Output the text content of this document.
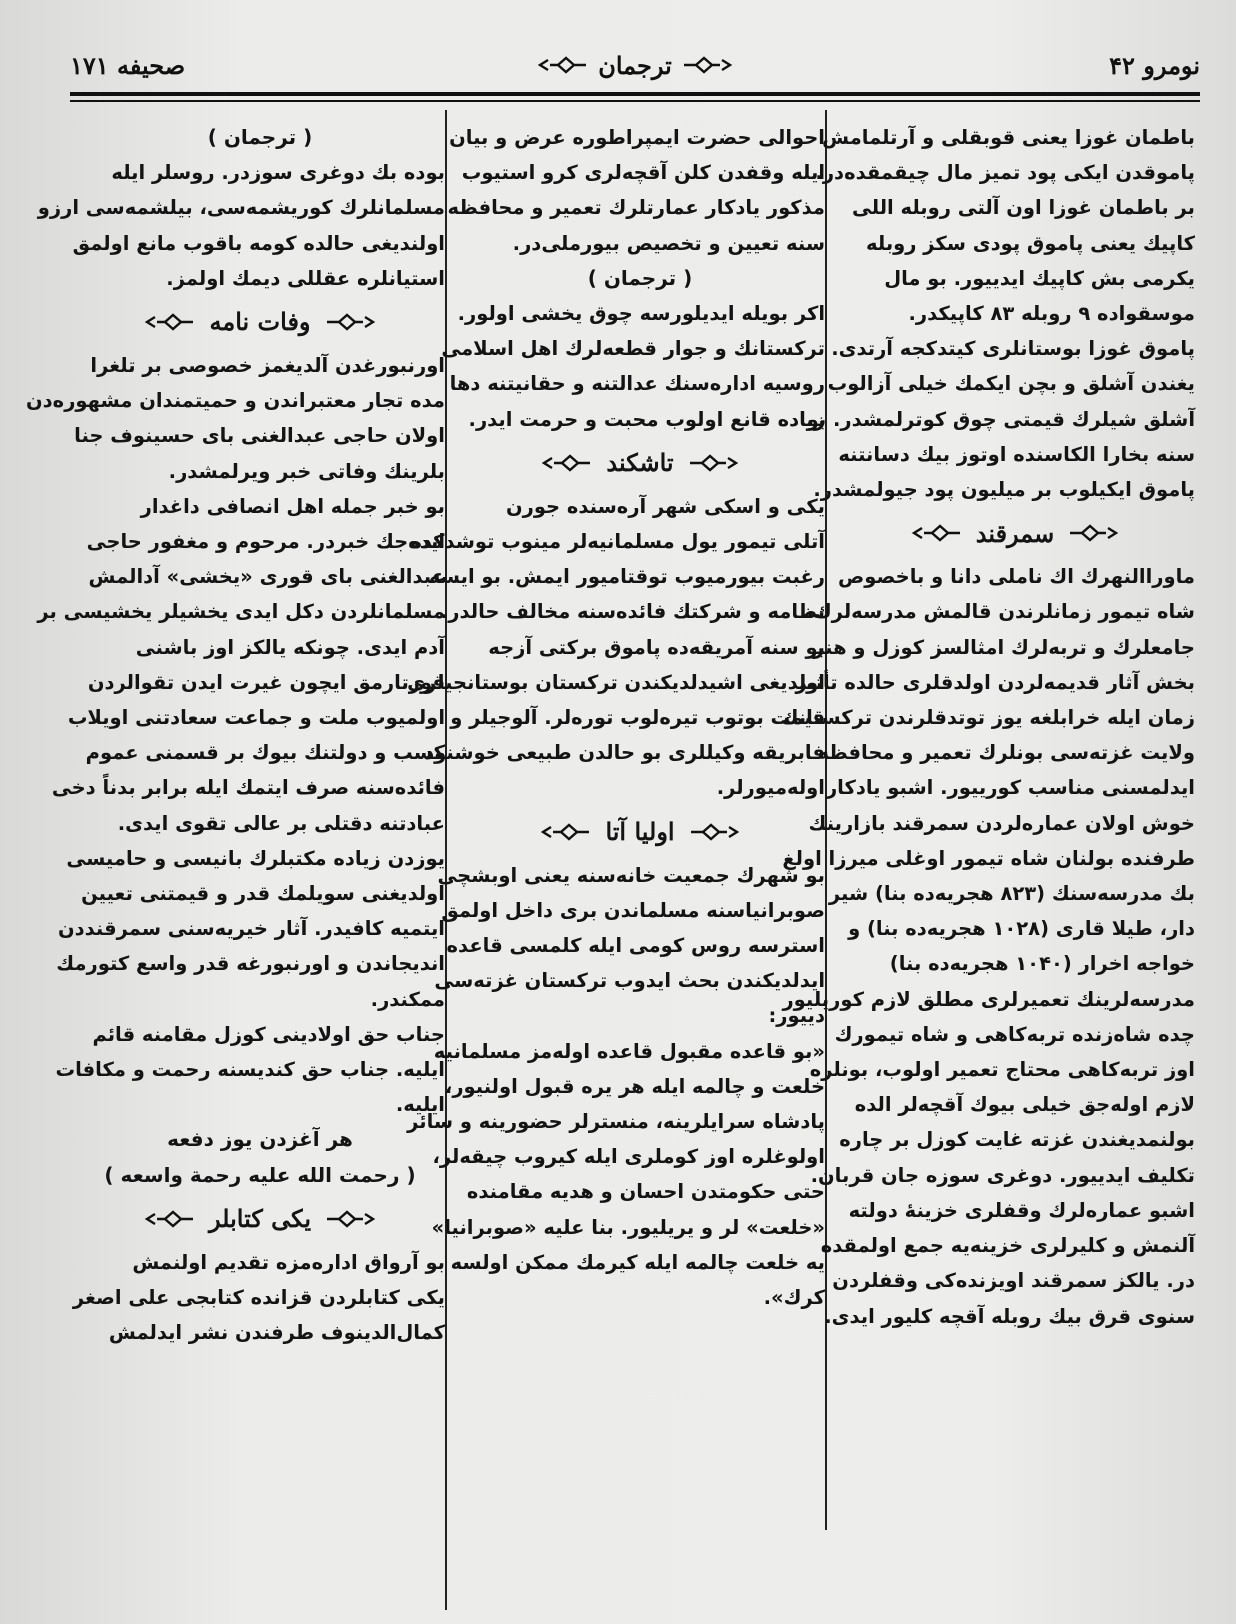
نومرو ۴۲
ترجمان
صحیفه ۱۷۱

باطمان غوزا یعنی قوبقلی و آرتلمامش
پاموقدن ایکی پود تمیز مال چیقمقده‌در.
بر باطمان غوزا اون آلتی روبله اللی
کاپیك یعنی پاموق پودی سکز روبله
یکرمی بش کاپیك ایدییور. بو مال
موسقواده ۹ روبله ۸۳ کاپیکدر.

پاموق غوزا بوستانلری کیتدکجه آرتدی.
یغندن آشلق و بچن ایکمك خیلی آزالوب
آشلق شیلرك قیمتی چوق کوترلمشدر. بو
سنه بخارا الکاسنده اوتوز بیك دسانتنه
پاموق ایکیلوب بر میلیون پود جیولمشدر.

سمرقند

ماوراالنهرك اك ناملی دانا و باخصوص
شاه تیمور زمانلرندن قالمش مدرسه‌لرك،
جامعلرك و تربه‌لرك امثالسز کوزل و هنر
بخش آثار قدیمه‌لردن اولدقلری حالده تأثیر
زمان ایله خرابلغه یوز توتدقلرندن ترکستانك
ولایت غزته‌سی بونلرك تعمیر و محافظه
ایدلمسنی مناسب کورییور. اشبو یادکار
خوش اولان عماره‌لردن سمرقند بازارینك
طرفنده بولنان شاه تیمور اوغلی میرزا اولغ
بك مدرسه‌سنك (۸۲۳ هجریه‌ده بنا) شیر
دار، طیلا قاری (۱۰۲۸ هجریه‌ده بنا) و
خواجه اخرار (۱۰۴۰ هجریه‌ده بنا)
مدرسه‌لرینك تعمیرلری مطلق لازم کوریلیور
چده شاه‌زنده تربه‌کاهی و شاه تیمورك
اوز تربه‌کاهی محتاج تعمیر اولوب، بونلره
لازم اوله‌جق خیلی بیوك آقچه‌لر الده
بولنمدیغندن غزته غایت کوزل بر چاره
تکلیف ایدییور. دوغری سوزه جان قربان.
اشبو عماره‌لرك وقفلری خزینهٔ دولته
آلنمش و کلیرلری خزینه‌یه جمع اولمقده
در. یالکز سمرقند اویزنده‌کی وقفلردن
سنوی قرق بیك روبله آقچه کلیور ایدی.

احوالی حضرت ایمپراطوره عرض و بیان
ایله وقفدن کلن آقچه‌لری کرو استیوب
مذکور یادکار عمارتلرك تعمیر و محافظه
سنه تعیین و تخصیص بیورملی‌در.

( ترجمان )

اکر بویله ایدیلورسه چوق یخشی اولور.
ترکستانك و جوار قطعه‌لرك اهل اسلامی
روسیه اداره‌سنك عدالتنه و حقانیتنه دها
زیاده قانع اولوب محبت و حرمت ایدر.

تاشکند

یکی و اسکی شهر آره‌سنده جورن
آتلی تیمور یول مسلمانیه‌لر مینوب توشدکده
رغبت بیورمیوب توقتامیور ایمش. بو ایسه
نظامه و شرکتك فائده‌سنه مخالف حالدر.
بو سنه آمریقه‌ده پاموق برکتی آزجه
اولدیغی اشیدلدیکندن ترکستان بوستانجیلری
قیمت بوتوب تیره‌لوب تورەلر. آلوجیلر و
فابریقه وکیللری بو حالدن طبیعی خوشنود
اوله‌میورلر.

اولیا آتا

بو شهرك جمعیت خانه‌سنه یعنی اوبشچی
صوبرانیاسنه مسلماندن بری داخل اولمق
استرسه روس کومی ایله کلمسی قاعده
ایدلدیکندن بحث ایدوب ترکستان غزته‌سی
دییور:

«بو قاعده مقبول قاعده اوله‌مز مسلمانیه
خلعت و چالمه ایله هر یره قبول اولنیور،
پادشاه سرایلرینه، منسترلر حضورینه و سائر
اولوغلره اوز کوملری ایله کیروب چیقه‌لر،
حتی حکومتدن احسان و هدیه مقامنده
«خلعت» لر و یریلیور. بنا علیه «صوبرانیا»
یه خلعت چالمه ایله کیرمك ممکن اولسه
کرك».

( ترجمان )

بوده بك دوغری سوزدر. روسلر ایله
مسلمانلرك کوریشمه‌سی، بیلشمه‌سی ارزو
اولندیغی حالده کومه باقوب مانع اولمق
استیانلره عقللی دیمك اولمز.

وفات نامه

اورنبورغدن آلدیغمز خصوصی بر تلغرا
مده تجار معتبراندن و حمیتمندان مشهوره‌دن
اولان حاجی عبدالغنی بای حسینوف جنا
بلرینك وفاتی خبر ویرلمشدر.

بو خبر جمله اهل انصافی داغدار
ایده‌جك خبردر. مرحوم و مغفور حاجی
عبدالغنی بای قوری «یخشی» آدالمش
مسلمانلردن دکل ایدی یخشیلر یخشیسی بر
آدم ایدی. چونکه یالکز اوز باشنی
قورتارمق ایچون غیرت ایدن تقوالردن
اولمیوب ملت و جماعت سعادتنی اویلاب
کسب و دولتنك بیوك بر قسمنی عموم
فائده‌سنه صرف ایتمك ایله برابر بدناً دخی
عبادتنه دقتلی بر عالی تقوی ایدی.

یوزدن زیاده مکتبلرك بانیسی و حامیسی
اولدیغنی سویلمك قدر و قیمتنی تعیین
ایتمیه کافیدر. آثار خیریه‌سنی سمرقنددن
اندیجاندن و اورنبورغه قدر واسع کتورمك
ممکندر.

جناب حق اولادینی کوزل مقامنه قائم
ایلیه. جناب حق کندیسنه رحمت و مکافات
ایلیه.

هر آغزدن یوز دفعه
( رحمت الله علیه رحمة واسعه )
یکی کتابلر

بو آرواق اداره‌مزه تقدیم اولنمش
یکی کتابلردن قزانده کتابجی علی اصغر
کمال‌الدینوف طرفندن نشر ایدلمش
